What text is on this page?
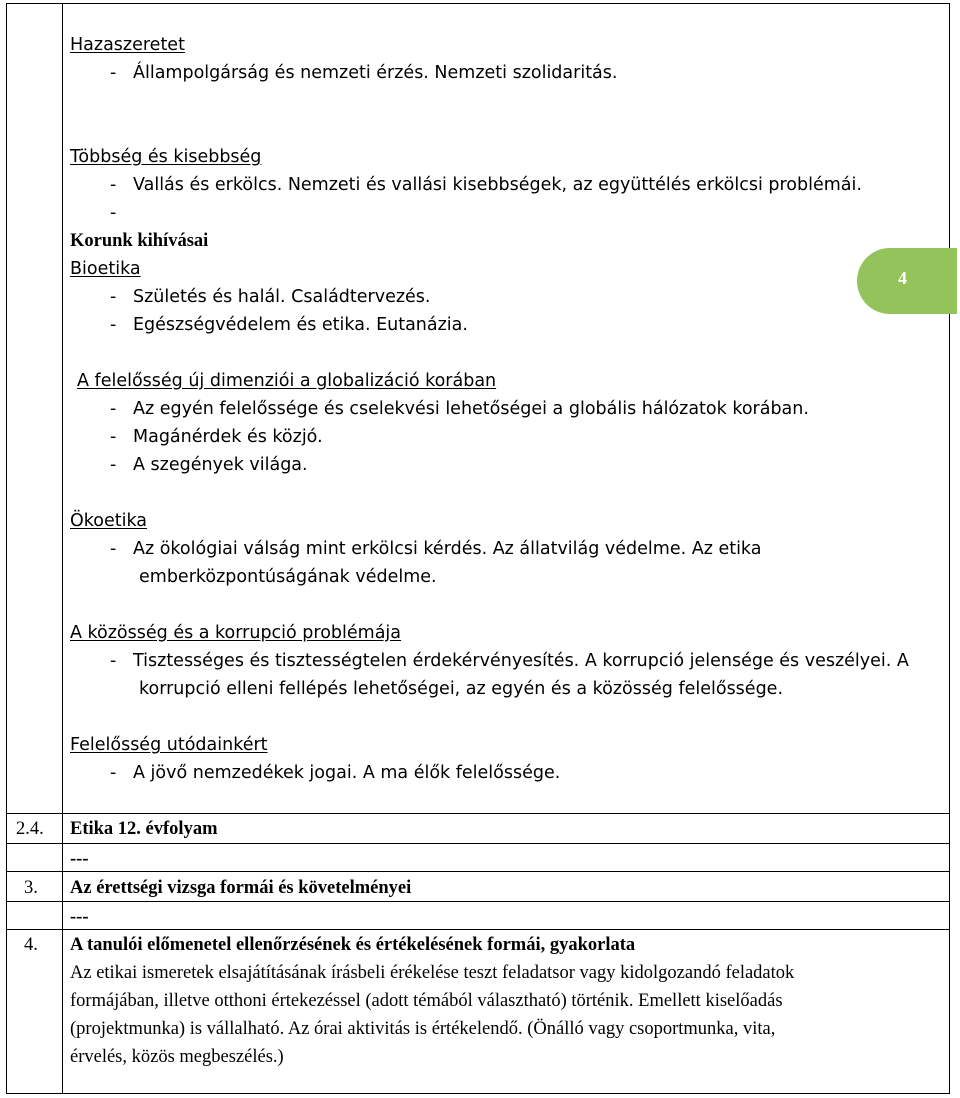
4
Hazaszeretet
- Állampolgárság és nemzeti érzés. Nemzeti szolidaritás.
Többség és kisebbség
- Vallás és erkölcs. Nemzeti és vallási kisebbségek, az együttélés erkölcsi problémái.
-
Korunk kihívásai
Bioetika
- Születés és halál. Családtervezés.
- Egészségvédelem és etika. Eutanázia.
A felelősség új dimenziói a globalizáció korában
- Az egyén felelőssége és cselekvési lehetőségei a globális hálózatok korában.
- Magánérdek és közjó.
- A szegények világa.
Ökoetika
- Az ökológiai válság mint erkölcsi kérdés. Az állatvilág védelme. Az etika
emberközpontúságának védelme.
A közösség és a korrupció problémája
- Tisztességes és tisztességtelen érdekérvényesítés. A korrupció jelensége és veszélyei. A
korrupció elleni fellépés lehetőségei, az egyén és a közösség felelőssége.
Felelősség utódainkért
- A jövő nemzedékek jogai. A ma élők felelőssége.
2.4. Etika 12. évfolyam
---
3. Az érettségi vizsga formái és követelményei
---
4. A tanulói előmenetel ellenőrzésének és értékelésének formái, gyakorlata
Az etikai ismeretek elsajátításának írásbeli érékelése teszt feladatsor vagy kidolgozandó feladatok
formájában, illetve otthoni értekezéssel (adott témából választható) történik. Emellett kiselőadás
(projektmunka) is vállalható. Az órai aktivitás is értékelendő. (Önálló vagy csoportmunka, vita,
érvelés, közös megbeszélés.)
